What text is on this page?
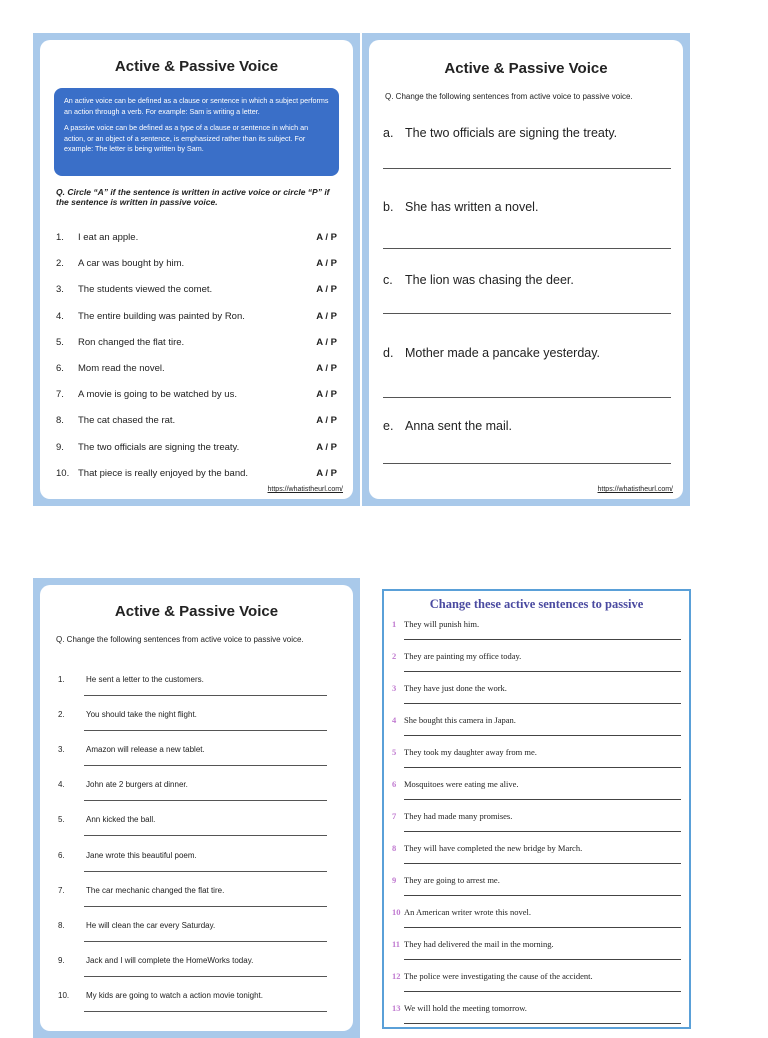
Active & Passive Voice

An active voice can be defined as a clause or sentence in which a subject performs an action through a verb. For example: Sam is writing a letter.

A passive voice can be defined as a type of a clause or sentence in which an action, or an object of a sentence, is emphasized rather than its subject. For example: The letter is being written by Sam.

Q. Circle “A” if the sentence is written in active voice or circle “P” if the sentence is written in passive voice.
https://whatistheurl.com/
1. I eat an apple.	A / P
2. A car was bought by him.	A / P
3. The students viewed the comet.	A / P
4. The entire building was painted by Ron.	A / P
5. Ron changed the flat tire.	A / P
6. Mom read the novel.	A / P
7. A movie is going to be watched by us.	A / P
8. The cat chased the rat.	A / P
9. The two officials are signing the treaty.	A / P
10. That piece is really enjoyed by the band.	A / P
Active & Passive Voice
Q. Change the following sentences from active voice to passive voice.
https://whatistheurl.com/
a. The two officials are signing the treaty.
b. She has written a novel.
c. The lion was chasing the deer.
d. Mother made a pancake yesterday.
e. Anna sent the mail.
Active & Passive Voice
Q. Change the following sentences from active voice to passive voice.
1.	He sent a letter to the customers.
2.	You should take the night flight.
3.	Amazon will release a new tablet.
4.	John ate 2 burgers at dinner.
5.	Ann kicked the ball.
6.	Jane wrote this beautiful poem.
7.	The car mechanic changed the flat tire.
8.	He will clean the car every Saturday.
9.	Jack and I will complete the HomeWorks today.
10. My kids are going to watch a action movie tonight.
Change these active sentences to passive
1 They will punish him.
2 They are painting my office today.
3 They have just done the work.
4 She bought this camera in Japan.
5 They took my daughter away from me.
6 Mosquitoes were eating me alive.
7 They had made many promises.
8 They will have completed the new bridge by March.
9 They are going to arrest me.
10 An American writer wrote this novel.
11 They had delivered the mail in the morning.
12 The police were investigating the cause of the accident.
13 We will hold the meeting tomorrow.
